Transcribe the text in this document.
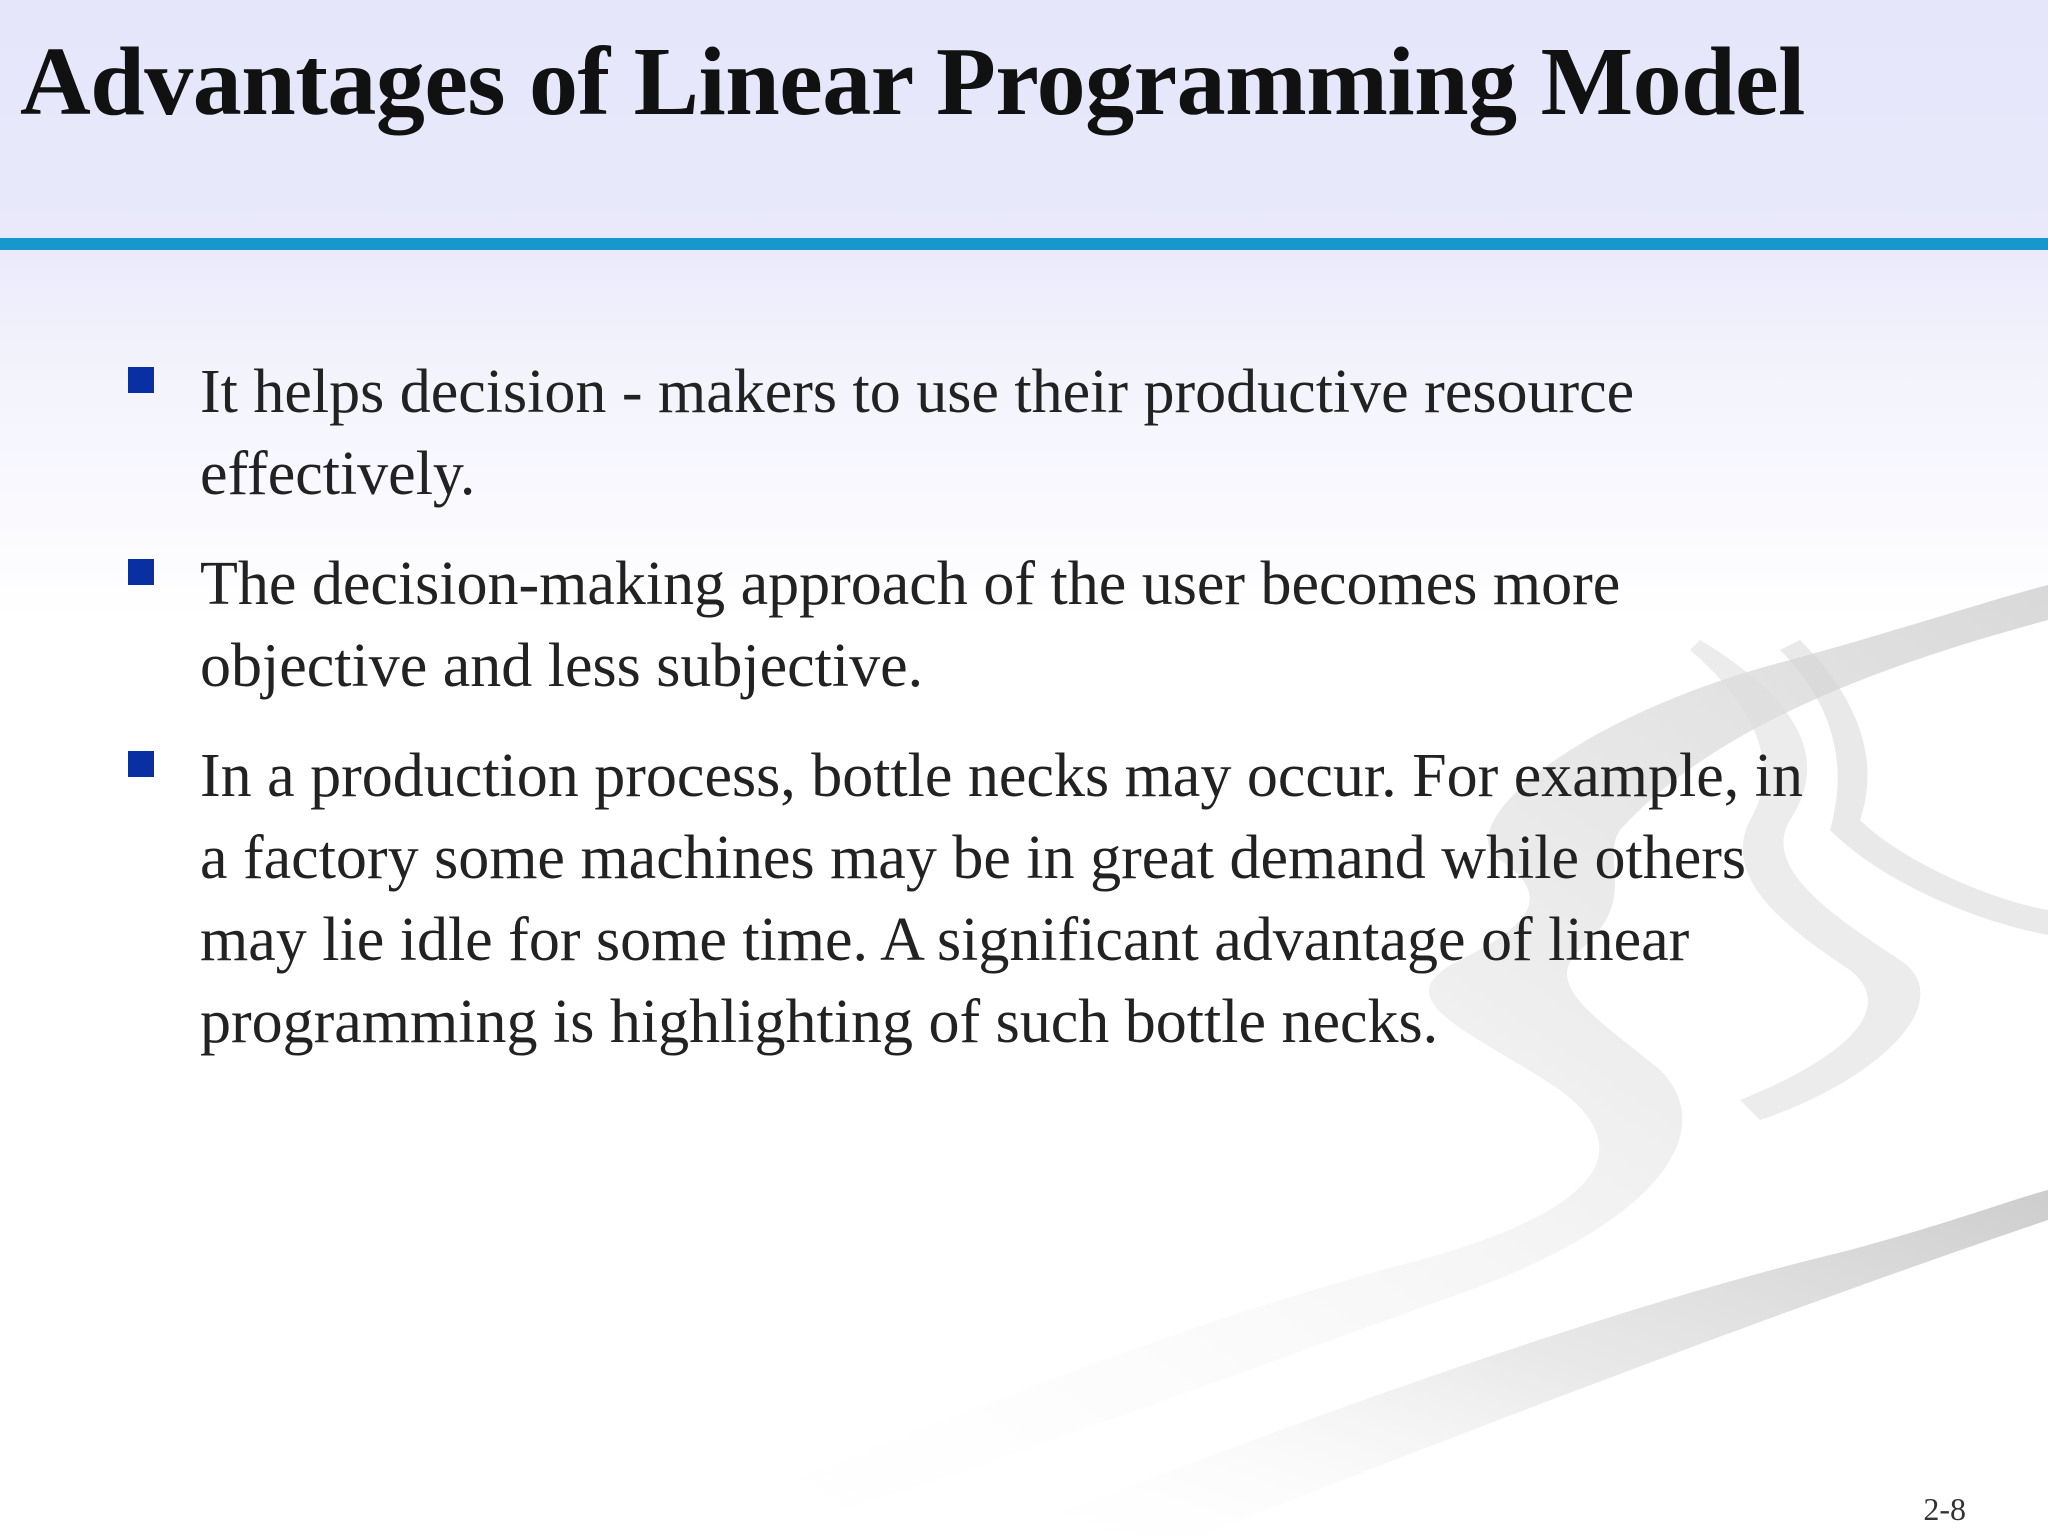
Advantages of Linear Programming Model
It helps decision - makers to use their productive resource
effectively.
The decision-making approach of the user becomes more
objective and less subjective.
In a production process, bottle necks may occur. For example, in
a factory some machines may be in great demand while others
may lie idle for some time. A significant advantage of linear
programming is highlighting of such bottle necks.
2-8
